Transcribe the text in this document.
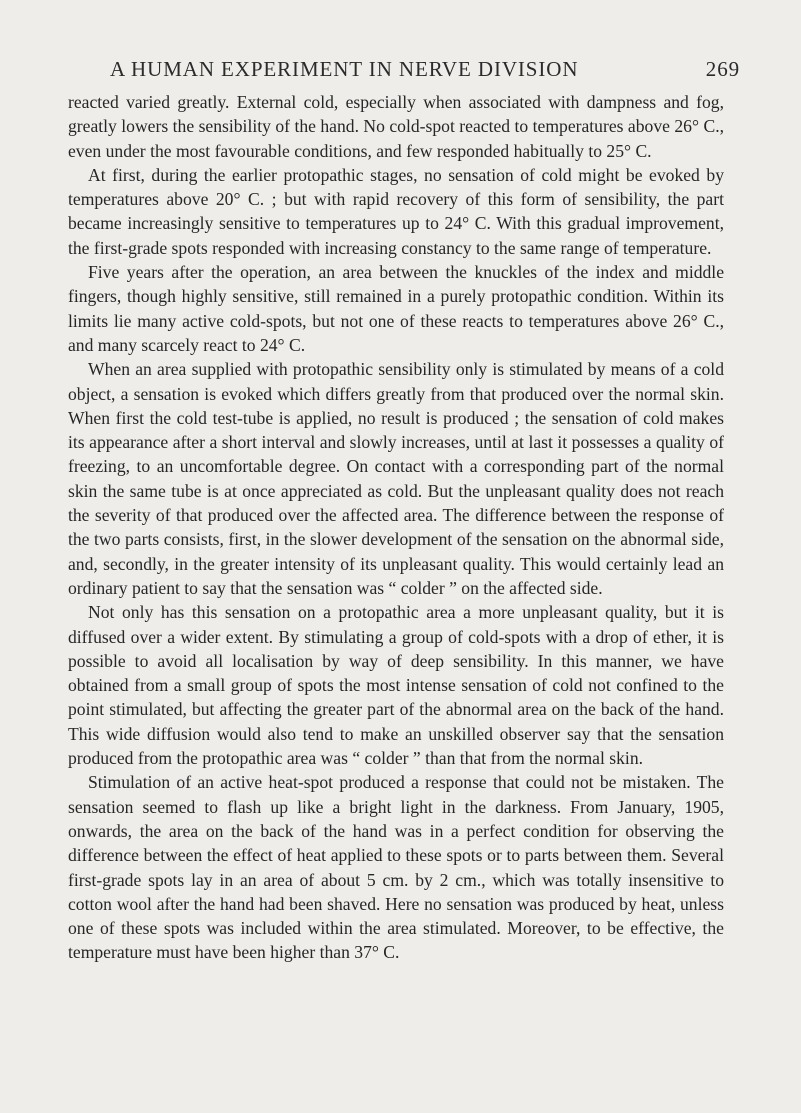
A HUMAN EXPERIMENT IN NERVE DIVISION	269

reacted varied greatly. External cold, especially when associated with dampness and fog, greatly lowers the sensibility of the hand. No cold-spot reacted to temperatures above 26° C., even under the most favourable conditions, and few responded habitually to 25° C.

At first, during the earlier protopathic stages, no sensation of cold might be evoked by temperatures above 20° C. ; but with rapid recovery of this form of sensibility, the part became increasingly sensitive to temperatures up to 24° C. With this gradual improvement, the first-grade spots responded with increasing constancy to the same range of temperature.

Five years after the operation, an area between the knuckles of the index and middle fingers, though highly sensitive, still remained in a purely protopathic condition. Within its limits lie many active cold-spots, but not one of these reacts to temperatures above 26° C., and many scarcely react to 24° C.

When an area supplied with protopathic sensibility only is stimulated by means of a cold object, a sensation is evoked which differs greatly from that produced over the normal skin. When first the cold test-tube is applied, no result is produced ; the sensation of cold makes its appearance after a short interval and slowly increases, until at last it possesses a quality of freezing, to an uncomfortable degree. On contact with a corresponding part of the normal skin the same tube is at once appreciated as cold. But the unpleasant quality does not reach the severity of that produced over the affected area. The difference between the response of the two parts consists, first, in the slower development of the sensation on the abnormal side, and, secondly, in the greater intensity of its unpleasant quality. This would certainly lead an ordinary patient to say that the sensation was “ colder ” on the affected side.

Not only has this sensation on a protopathic area a more unpleasant quality, but it is diffused over a wider extent. By stimulating a group of cold-spots with a drop of ether, it is possible to avoid all localisation by way of deep sensibility. In this manner, we have obtained from a small group of spots the most intense sensation of cold not confined to the point stimulated, but affecting the greater part of the abnormal area on the back of the hand. This wide diffusion would also tend to make an unskilled observer say that the sensation produced from the protopathic area was “ colder ” than that from the normal skin.

Stimulation of an active heat-spot produced a response that could not be mistaken. The sensation seemed to flash up like a bright light in the darkness. From January, 1905, onwards, the area on the back of the hand was in a perfect condition for observing the difference between the effect of heat applied to these spots or to parts between them. Several first-grade spots lay in an area of about 5 cm. by 2 cm., which was totally insensitive to cotton wool after the hand had been shaved. Here no sensation was produced by heat, unless one of these spots was included within the area stimulated. Moreover, to be effective, the temperature must have been higher than 37° C.
